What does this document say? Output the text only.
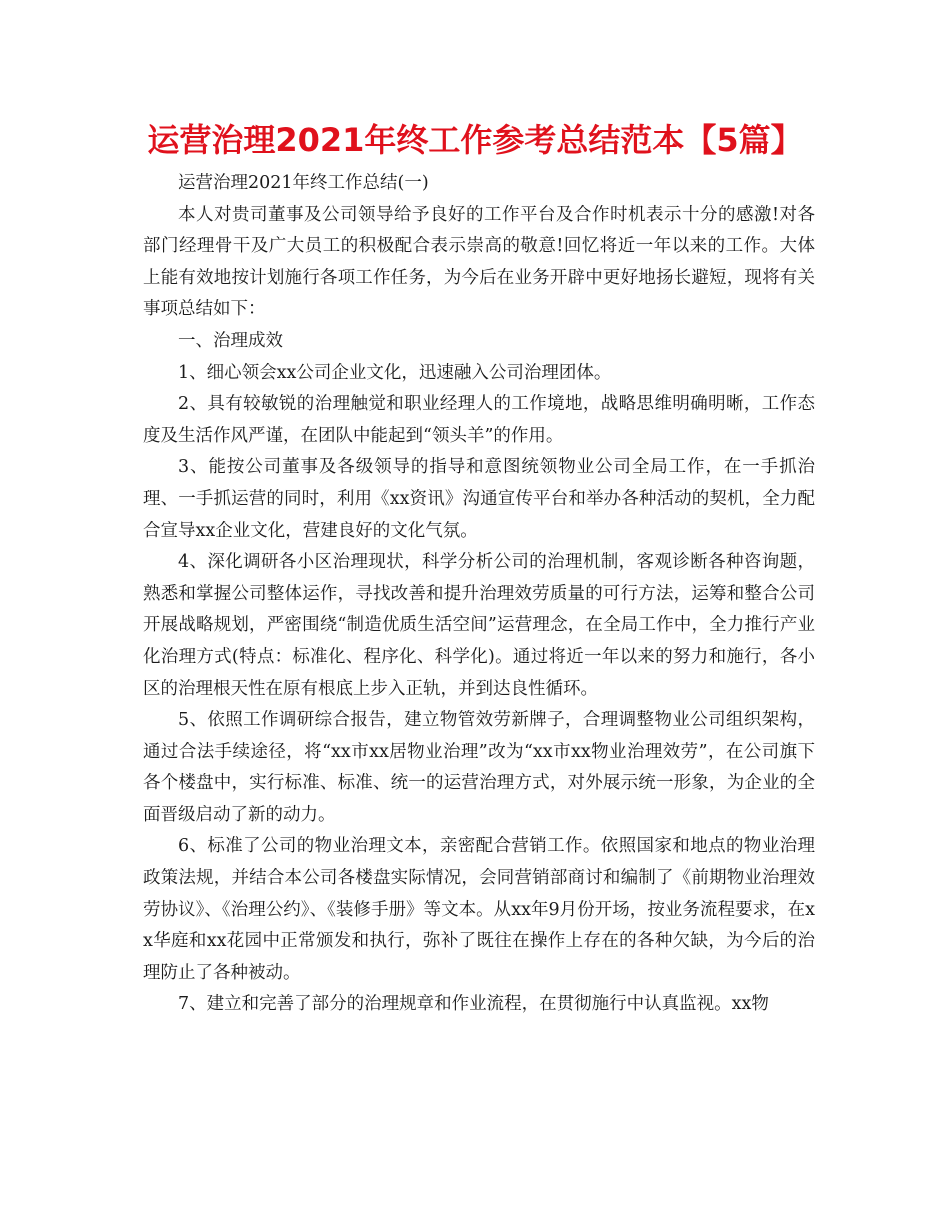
运营治理2021年终工作参考总结范本【5篇】

运营治理2021年终工作总结(一)

本人对贵司董事及公司领导给予良好的工作平台及合作时机表示十分的感激!对各部门经理骨干及广大员工的积极配合表示崇高的敬意!回忆将近一年以来的工作。大体上能有效地按计划施行各项工作任务，为今后在业务开辟中更好地扬长避短，现将有关事项总结如下：

一、治理成效

1、细心领会xx公司企业文化，迅速融入公司治理团体。

2、具有较敏锐的治理触觉和职业经理人的工作境地，战略思维明确明晰，工作态度及生活作风严谨，在团队中能起到“领头羊”的作用。

3、能按公司董事及各级领导的指导和意图统领物业公司全局工作，在一手抓治理、一手抓运营的同时，利用《xx资讯》沟通宣传平台和举办各种活动的契机，全力配合宣导xx企业文化，营建良好的文化气氛。

4、深化调研各小区治理现状，科学分析公司的治理机制，客观诊断各种咨询题，熟悉和掌握公司整体运作，寻找改善和提升治理效劳质量的可行方法，运筹和整合公司开展战略规划，严密围绕“制造优质生活空间”运营理念，在全局工作中，全力推行产业化治理方式(特点：标准化、程序化、科学化)。通过将近一年以来的努力和施行，各小区的治理根天性在原有根底上步入正轨，并到达良性循环。

5、依照工作调研综合报告，建立物管效劳新牌子，合理调整物业公司组织架构，通过合法手续途径，将“xx市xx居物业治理”改为“xx市xx物业治理效劳”，在公司旗下各个楼盘中，实行标准、标准、统一的运营治理方式，对外展示统一形象，为企业的全面晋级启动了新的动力。

6、标准了公司的物业治理文本，亲密配合营销工作。依照国家和地点的物业治理政策法规，并结合本公司各楼盘实际情况，会同营销部商讨和编制了《前期物业治理效劳协议》、《治理公约》、《装修手册》等文本。从xx年9月份开场，按业务流程要求，在xx华庭和xx花园中正常颁发和执行，弥补了既往在操作上存在的各种欠缺，为今后的治理防止了各种被动。

7、建立和完善了部分的治理规章和作业流程，在贯彻施行中认真监视。xx物
